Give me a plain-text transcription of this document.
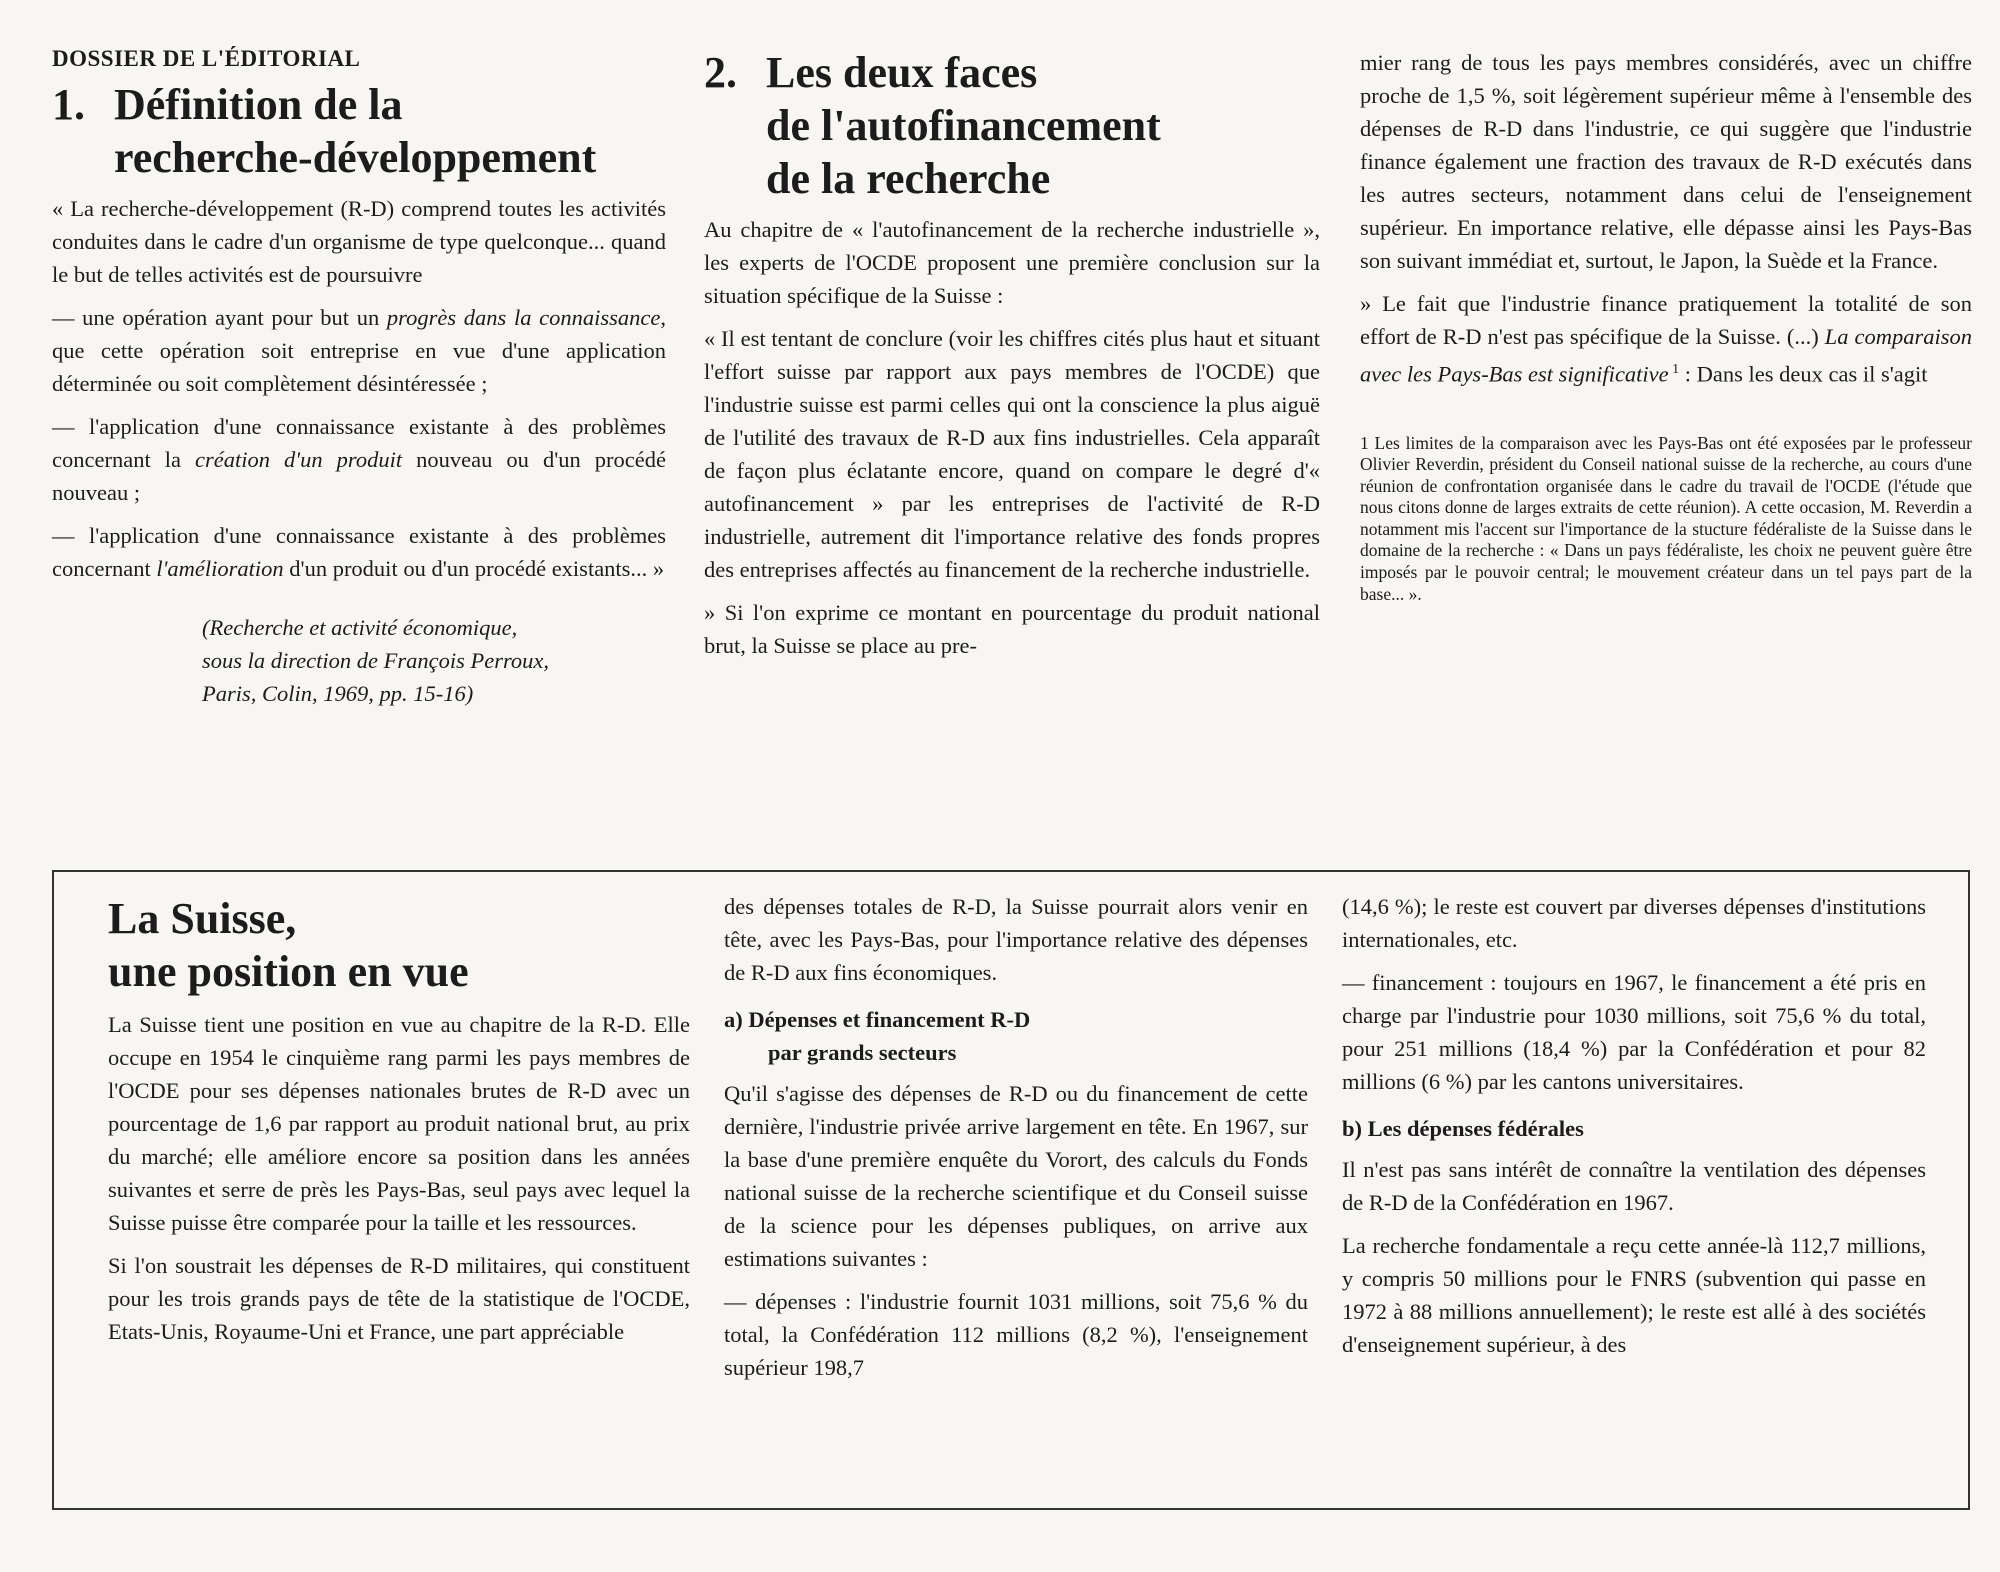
DOSSIER DE L'ÉDITORIAL
1. Définition de la
recherche-développement

« La recherche-développement (R-D) comprend toutes les activités conduites dans le cadre d'un organisme de type quelconque... quand le but de telles activités est de poursuivre

— une opération ayant pour but un progrès dans la connaissance, que cette opération soit entreprise en vue d'une application déterminée ou soit complètement désintéressée ;

— l'application d'une connaissance existante à des problèmes concernant la création d'un produit nouveau ou d'un procédé nouveau ;

— l'application d'une connaissance existante à des problèmes concernant l'amélioration d'un produit ou d'un procédé existants... »

(Recherche et activité économique,
sous la direction de François Perroux,
Paris, Colin, 1969, pp. 15-16)

2. Les deux faces
de l'autofinancement
de la recherche

Au chapitre de « l'autofinancement de la recherche industrielle », les experts de l'OCDE proposent une première conclusion sur la situation spécifique de la Suisse :

« Il est tentant de conclure (voir les chiffres cités plus haut et situant l'effort suisse par rapport aux pays membres de l'OCDE) que l'industrie suisse est parmi celles qui ont la conscience la plus aiguë de l'utilité des travaux de R-D aux fins industrielles. Cela apparaît de façon plus éclatante encore, quand on compare le degré d'« autofinancement » par les entreprises de l'activité de R-D industrielle, autrement dit l'importance relative des fonds propres des entreprises affectés au financement de la recherche industrielle.

» Si l'on exprime ce montant en pourcentage du produit national brut, la Suisse se place au pre-

mier rang de tous les pays membres considérés, avec un chiffre proche de 1,5 %, soit légèrement supérieur même à l'ensemble des dépenses de R-D dans l'industrie, ce qui suggère que l'industrie finance également une fraction des travaux de R-D exécutés dans les autres secteurs, notamment dans celui de l'enseignement supérieur. En importance relative, elle dépasse ainsi les Pays-Bas son suivant immédiat et, surtout, le Japon, la Suède et la France.

» Le fait que l'industrie finance pratiquement la totalité de son effort de R-D n'est pas spécifique de la Suisse. (...) La comparaison avec les Pays-Bas est significative $^1$ : Dans les deux cas il s'agit

1 Les limites de la comparaison avec les Pays-Bas ont été exposées par le professeur Olivier Reverdin, président du Conseil national suisse de la recherche, au cours d'une réunion de confrontation organisée dans le cadre du travail de l'OCDE (l'étude que nous citons donne de larges extraits de cette réunion). A cette occasion, M. Reverdin a notamment mis l'accent sur l'importance de la stucture fédéraliste de la Suisse dans le domaine de la recherche : « Dans un pays fédéraliste, les choix ne peuvent guère être imposés par le pouvoir central; le mouvement créateur dans un tel pays part de la base... ».

La Suisse,
une position en vue

La Suisse tient une position en vue au chapitre de la R-D. Elle occupe en 1954 le cinquième rang parmi les pays membres de l'OCDE pour ses dépenses nationales brutes de R-D avec un pourcentage de 1,6 par rapport au produit national brut, au prix du marché; elle améliore encore sa position dans les années suivantes et serre de près les Pays-Bas, seul pays avec lequel la Suisse puisse être comparée pour la taille et les ressources.

Si l'on soustrait les dépenses de R-D militaires, qui constituent pour les trois grands pays de tête de la statistique de l'OCDE, Etats-Unis, Royaume-Uni et France, une part appréciable

des dépenses totales de R-D, la Suisse pourrait alors venir en tête, avec les Pays-Bas, pour l'importance relative des dépenses de R-D aux fins économiques.

a) Dépenses et financement R-D
par grands secteurs

Qu'il s'agisse des dépenses de R-D ou du financement de cette dernière, l'industrie privée arrive largement en tête. En 1967, sur la base d'une première enquête du Vorort, des calculs du Fonds national suisse de la recherche scientifique et du Conseil suisse de la science pour les dépenses publiques, on arrive aux estimations suivantes :

— dépenses : l'industrie fournit 1031 millions, soit 75,6 % du total, la Confédération 112 millions (8,2 %), l'enseignement supérieur 198,7

(14,6 %); le reste est couvert par diverses dépenses d'institutions internationales, etc.

— financement : toujours en 1967, le financement a été pris en charge par l'industrie pour 1030 millions, soit 75,6 % du total, pour 251 millions (18,4 %) par la Confédération et pour 82 millions (6 %) par les cantons universitaires.

b) Les dépenses fédérales

Il n'est pas sans intérêt de connaître la ventilation des dépenses de R-D de la Confédération en 1967.

La recherche fondamentale a reçu cette année-là 112,7 millions, y compris 50 millions pour le FNRS (subvention qui passe en 1972 à 88 millions annuellement); le reste est allé à des sociétés d'enseignement supérieur, à des
